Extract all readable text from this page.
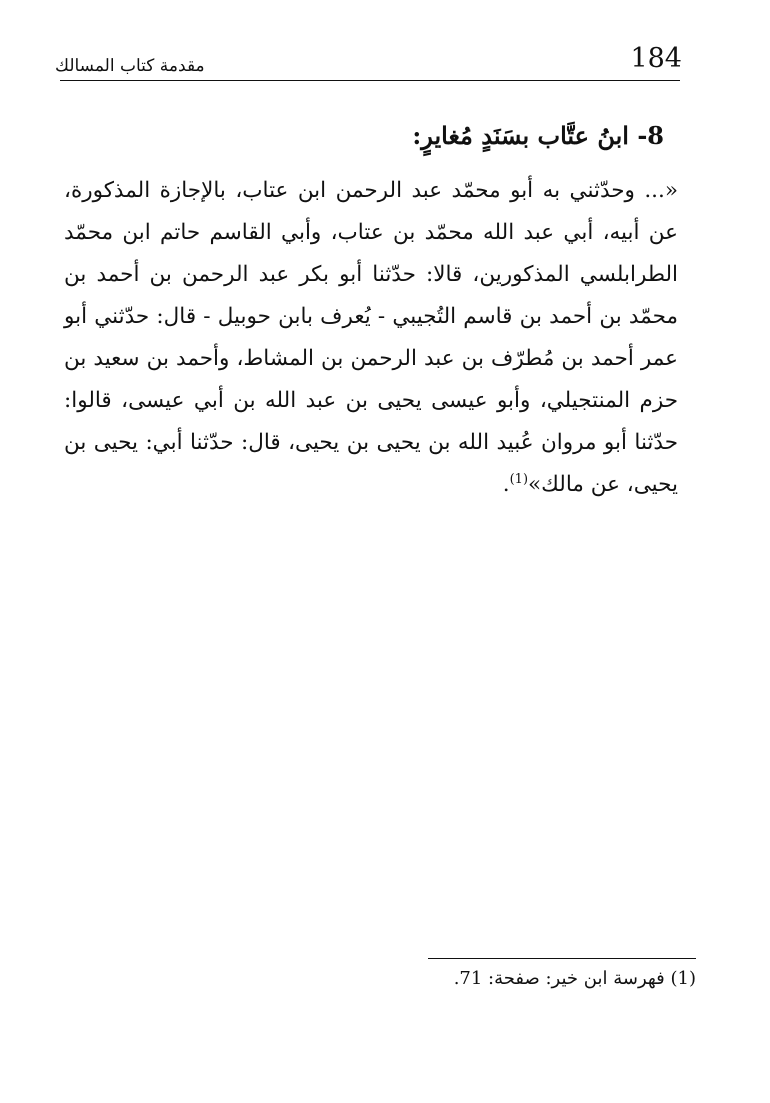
184
مقدمة كتاب المسالك
8- ابنُ عتَّاب بسَنَدٍ مُغايرٍ:

«... وحدّثني به أبو محمّد عبد الرحمن ابن عتاب، بالإجازة المذكورة، عن أبيه، أبي عبد الله محمّد بن عتاب، وأبي القاسم حاتم ابن محمّد الطرابلسي المذكورين، قالا: حدّثنا أبو بكر عبد الرحمن بن أحمد بن محمّد بن أحمد بن قاسم التُجيبي - يُعرف بابن حوبيل - قال: حدّثني أبو عمر أحمد بن مُطرّف بن عبد الرحمن بن المشاط، وأحمد بن سعيد بن حزم المنتجيلي، وأبو عيسى يحيى بن عبد الله بن أبي عيسى، قالوا: حدّثنا أبو مروان عُبيد الله بن يحيى بن يحيى، قال: حدّثنا أبي: يحيى بن يحيى، عن مالك»$^{(1)}$.

(1) فهرسة ابن خير: صفحة: 71.
